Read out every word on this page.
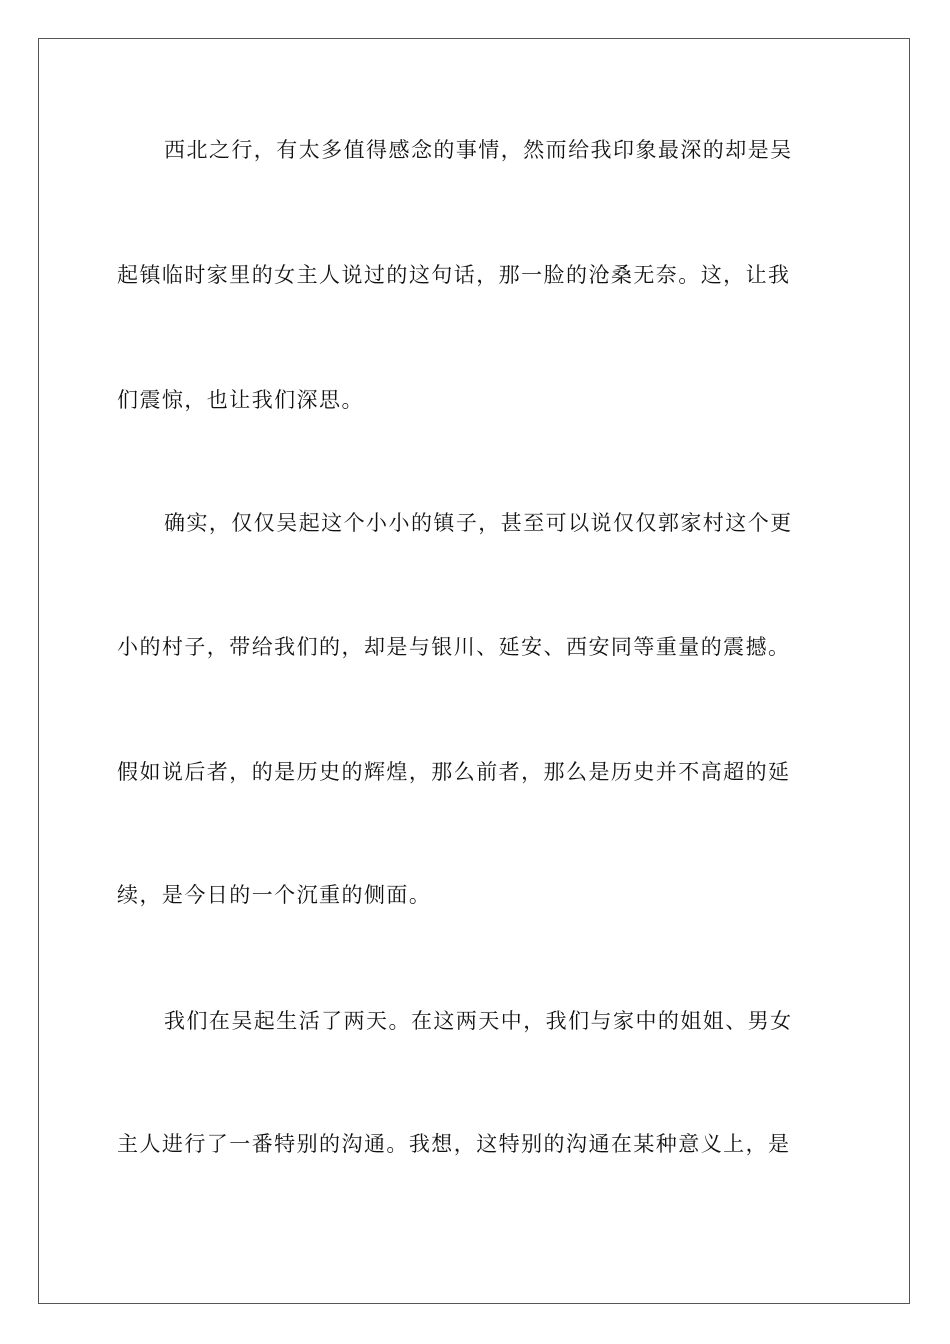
西北之行，有太多值得感念的事情，然而给我印象最深的却是吴
起镇临时家里的女主人说过的这句话，那一脸的沧桑无奈。这，让我
们震惊，也让我们深思。
确实，仅仅吴起这个小小的镇子，甚至可以说仅仅郭家村这个更
小的村子，带给我们的，却是与银川、延安、西安同等重量的震撼。
假如说后者，的是历史的辉煌，那么前者，那么是历史并不高超的延
续，是今日的一个沉重的侧面。
我们在吴起生活了两天。在这两天中，我们与家中的姐姐、男女
主人进行了一番特别的沟通。我想，这特别的沟通在某种意义上，是
